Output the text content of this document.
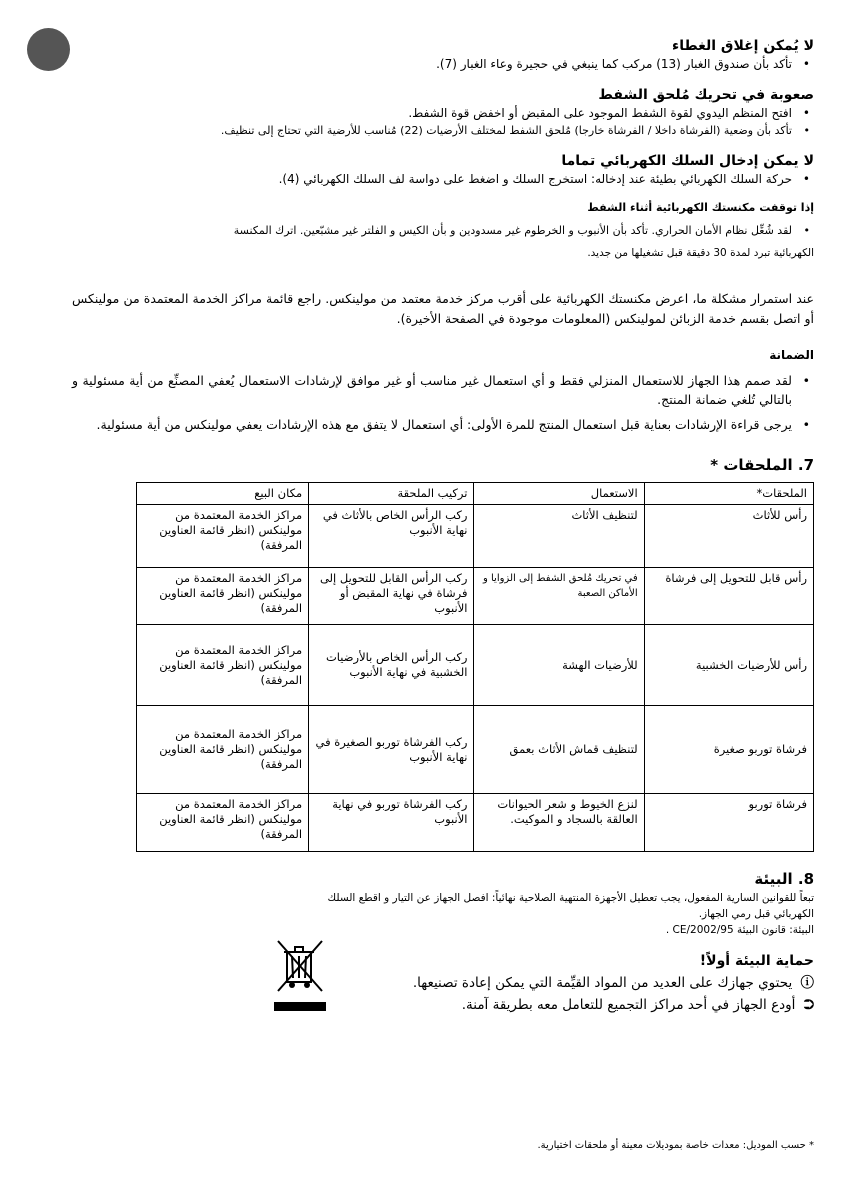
لا يُمكن إغلاق الغطاء
• تأكد بأن صندوق الغبار (13) مركب كما ينبغي في حجيرة وعاء الغبار (7).
صعوبة في تحريك مُلحق الشفط
• افتح المنظم اليدوي لقوة الشفط الموجود على المقبض أو اخفض قوة الشفط.
• تأكد بأن وضعية (الفرشاة داخلا / الفرشاة خارجا) مُلحق الشفط لمختلف الأرضيات (22) مُناسب للأرضية التي تحتاج إلى تنظيف.
لا يمكن إدخال السلك الكهربائي تماما
• حركة السلك الكهربائي بطيئة عند إدخاله: استخرج السلك و اضغط على دواسة لف السلك الكهربائي (4).
إذا توقفت مكنستك الكهربائية أثناء الشفط
• لقد شُغِّل نظام الأمان الحراري. تأكد بأن الأنبوب و الخرطوم غير مسدودين و بأن الكيس و الفلتر غير مشبّعين. اترك المكنسة

الكهربائية تبرد لمدة 30 دقيقة قبل تشغيلها من جديد.

عند استمرار مشكلة ما، اعرض مكنستك الكهربائية على أقرب مركز خدمة معتمد من مولينكس. راجع قائمة مراكز الخدمة المعتمدة من مولينكس أو اتصل بقسم خدمة الزبائن لمولينكس (المعلومات موجودة في الصفحة الأخيرة).

الضمانة
• لقد صمم هذا الجهاز للاستعمال المنزلي فقط و أي استعمال غير مناسب أو غير موافق لإرشادات الاستعمال يُعفي المصنِّع من أية مسئولية و بالتالي تُلغي ضمانة المنتج.
• يرجى قراءة الإرشادات بعناية قبل استعمال المنتج للمرة الأولى: أي استعمال لا يتفق مع هذه الإرشادات يعفي مولينكس من أية مسئولية.
7. الملحقات *
الملحقات*	الاستعمال	تركيب الملحقة	مكان البيع
رأس للأثاث	لتنظيف الأثاث	ركب الرأس الخاص بالأثاث في نهاية الأنبوب	مراكز الخدمة المعتمدة من مولينكس (انظر قائمة العناوين المرفقة)
رأس قابل للتحويل إلى فرشاة	في تحريك مُلحق الشفط إلى الزوايا و الأماكن الصعبة	ركب الرأس القابل للتحويل إلى فرشاة في نهاية المقبض أو الأنبوب	مراكز الخدمة المعتمدة من مولينكس (انظر قائمة العناوين المرفقة)
رأس للأرضيات الخشبية	للأرضيات الهشة	ركب الرأس الخاص بالأرضيات الخشبية في نهاية الأنبوب	مراكز الخدمة المعتمدة من مولينكس (انظر قائمة العناوين المرفقة)
فرشاة توربو صغيرة	لتنظيف قماش الأثاث بعمق	ركب الفرشاة توربو الصغيرة في نهاية الأنبوب	مراكز الخدمة المعتمدة من مولينكس (انظر قائمة العناوين المرفقة)
فرشاة توربو	لنزع الخيوط و شعر الحيوانات العالقة بالسجاد و الموكيت.	ركب الفرشاة توربو في نهاية الأنبوب	مراكز الخدمة المعتمدة من مولينكس (انظر قائمة العناوين المرفقة)
8. البيئة

تبعاً للقوانين السارية المفعول، يجب تعطيل الأجهزة المنتهية الصلاحية نهائياً: افصل الجهاز عن التيار و اقطع السلك

الكهربائي قبل رمي الجهاز.

البيئة: قانون البيئة 2002/95/CE .

حماية البيئة أولاً!
ⓘ يحتوي جهازك على العديد من المواد القيِّمة التي يمكن إعادة تصنيعها.
⮊ أودع الجهاز في أحد مراكز التجميع للتعامل معه بطريقة آمنة.
* حسب الموديل: معدات خاصة بموديلات معينة أو ملحقات اختيارية.
